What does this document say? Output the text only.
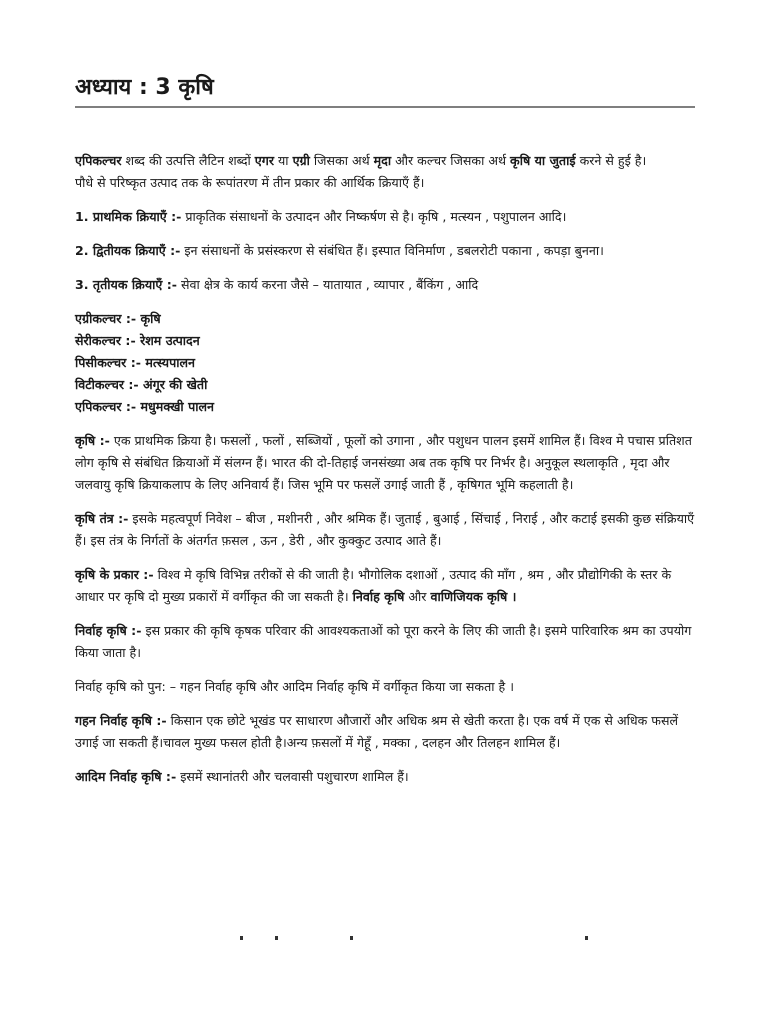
अध्याय : 3 कृषि

एपिकल्चर शब्द की उत्पत्ति लैटिन शब्दों एगर या एग्री जिसका अर्थ मृदा और कल्चर जिसका अर्थ कृषि या जुताई करने से हुई है।

पौधे से परिष्कृत उत्पाद तक के रूपांतरण में तीन प्रकार की आर्थिक क्रियाएँ हैं।

1. प्राथमिक क्रियाएँ :- प्राकृतिक संसाधनों के उत्पादन और निष्कर्षण से है। कृषि , मत्स्यन , पशुपालन आदि।

2. द्वितीयक क्रियाएँ :- इन संसाधनों के प्रसंस्करण से संबंधित हैं। इस्पात विनिर्माण , डबलरोटी पकाना , कपड़ा बुनना।

3. तृतीयक क्रियाएँ :- सेवा क्षेत्र के कार्य करना जैसे – यातायात , व्यापार , बैंकिंग , आदि

एग्रीकल्चर :- कृषि
सेरीकल्चर :- रेशम उत्पादन
पिसीकल्चर :- मत्स्यपालन
विटीकल्चर :- अंगूर की खेती
एपिकल्चर :- मधुमक्खी पालन

कृषि :- एक प्राथमिक क्रिया है। फसलों , फलों , सब्जियों , फूलों को उगाना , और पशुधन पालन इसमें शामिल हैं। विश्व मे पचास प्रतिशत लोग कृषि से संबंधित क्रियाओं में संलग्न हैं। भारत की दो-तिहाई जनसंख्या अब तक कृषि पर निर्भर है। अनुकूल स्थलाकृति , मृदा और जलवायु कृषि क्रियाकलाप के लिए अनिवार्य हैं। जिस भूमि पर फसलें उगाई जाती हैं , कृषिगत भूमि कहलाती है।

कृषि तंत्र :- इसके महत्वपूर्ण निवेश – बीज , मशीनरी , और श्रमिक हैं। जुताई , बुआई , सिंचाई , निराई , और कटाई इसकी कुछ संक्रियाएँ हैं। इस तंत्र के निर्गतों के अंतर्गत फ़सल , ऊन , डेरी , और कुक्कुट उत्पाद आते हैं।

कृषि के प्रकार :- विश्व मे कृषि विभिन्न तरीकों से की जाती है। भौगोलिक दशाओं , उत्पाद की माँग , श्रम , और प्रौद्योगिकी के स्तर के आधार पर कृषि दो मुख्य प्रकारों में वर्गीकृत की जा सकती है। निर्वाह कृषि और वाणिजियक कृषि ।

निर्वाह कृषि :- इस प्रकार की कृषि कृषक परिवार की आवश्यकताओं को पूरा करने के लिए की जाती है। इसमे पारिवारिक श्रम का उपयोग किया जाता है।

निर्वाह कृषि को पुन: – गहन निर्वाह कृषि और आदिम निर्वाह कृषि में वर्गीकृत किया जा सकता है ।

गहन निर्वाह कृषि :- किसान एक छोटे भूखंड पर साधारण औजारों और अधिक श्रम से खेती करता है। एक वर्ष में एक से अधिक फसलें उगाई जा सकती हैं।चावल मुख्य फसल होती है।अन्य फ़सलों में गेहूँ , मक्का , दलहन और तिलहन शामिल हैं।

आदिम निर्वाह कृषि :- इसमें स्थानांतरी और चलवासी पशुचारण शामिल हैं।
